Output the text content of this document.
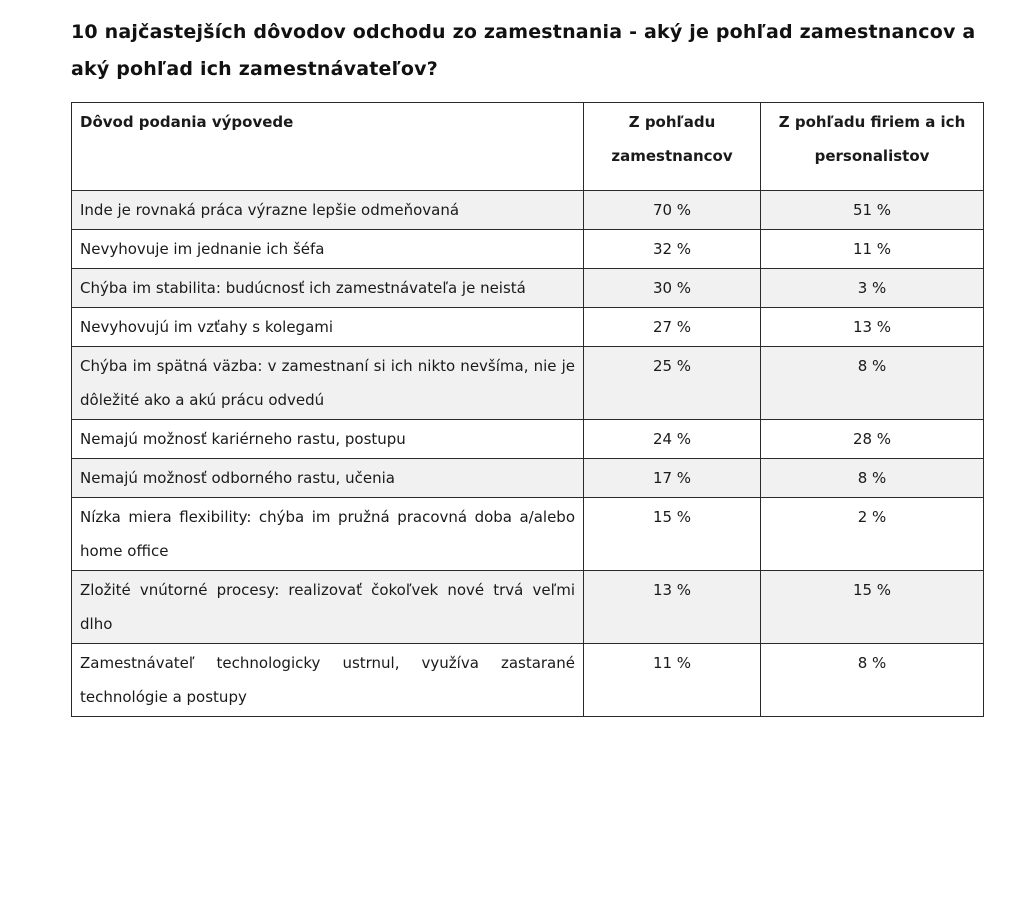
10 najčastejších dôvodov odchodu zo zamestnania - aký je pohľad zamestnancov a aký pohľad ich zamestnávateľov?
Dôvod podania výpovede	Z pohľadu zamestnancov	Z pohľadu firiem a ich personalistov
Inde je rovnaká práca výrazne lepšie odmeňovaná	70 %	51 %
Nevyhovuje im jednanie ich šéfa	32 %	11 %
Chýba im stabilita: budúcnosť ich zamestnávateľa je neistá	30 %	3 %
Nevyhovujú im vzťahy s kolegami	27 %	13 %
Chýba im spätná väzba: v zamestnaní si ich nikto nevšíma, nie je dôležité ako a akú prácu odvedú	25 %	8 %
Nemajú možnosť kariérneho rastu, postupu	24 %	28 %
Nemajú možnosť odborného rastu, učenia	17 %	8 %
Nízka miera flexibility: chýba im pružná pracovná doba a/alebo home office	15 %	2 %
Zložité vnútorné procesy: realizovať čokoľvek nové trvá veľmi dlho	13 %	15 %
Zamestnávateľ technologicky ustrnul, využíva zastarané technológie a postupy	11 %	8 %
